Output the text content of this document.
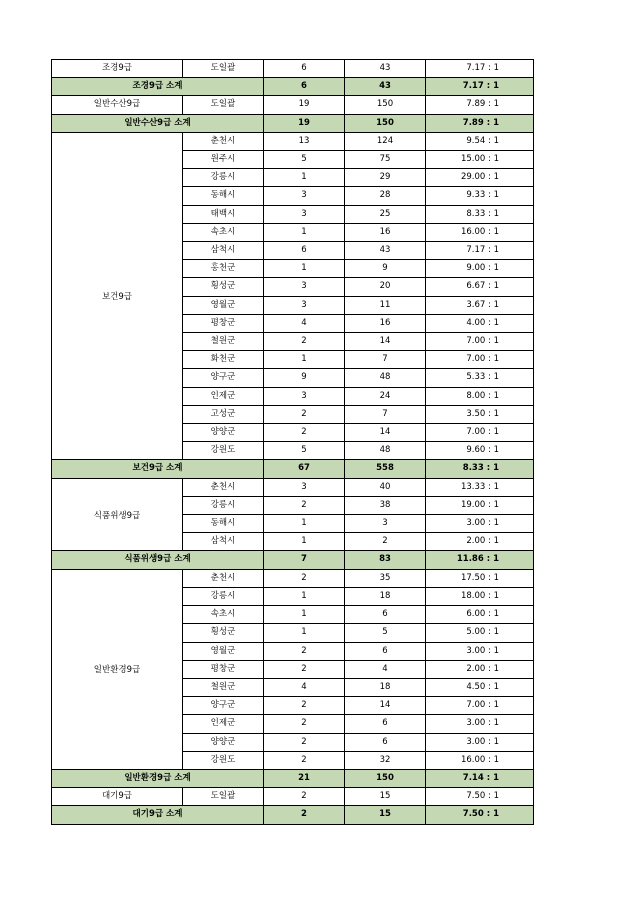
조경9급	도일괄	6	43	7.17 : 1
조경9급 소계		6	43	7.17 : 1
일반수산9급	도일괄	19	150	7.89 : 1
일반수산9급 소계		19	150	7.89 : 1
보건9급	춘천시	13	124	9.54 : 1
	원주시	5	75	15.00 : 1
	강릉시	1	29	29.00 : 1
	동해시	3	28	9.33 : 1
	태백시	3	25	8.33 : 1
	속초시	1	16	16.00 : 1
	삼척시	6	43	7.17 : 1
	홍천군	1	9	9.00 : 1
	횡성군	3	20	6.67 : 1
	영월군	3	11	3.67 : 1
	평창군	4	16	4.00 : 1
	철원군	2	14	7.00 : 1
	화천군	1	7	7.00 : 1
	양구군	9	48	5.33 : 1
	인제군	3	24	8.00 : 1
	고성군	2	7	3.50 : 1
	양양군	2	14	7.00 : 1
	강원도	5	48	9.60 : 1
보건9급 소계		67	558	8.33 : 1
식품위생9급	춘천시	3	40	13.33 : 1
	강릉시	2	38	19.00 : 1
	동해시	1	3	3.00 : 1
	삼척시	1	2	2.00 : 1
식품위생9급 소계		7	83	11.86 : 1
일반환경9급	춘천시	2	35	17.50 : 1
	강릉시	1	18	18.00 : 1
	속초시	1	6	6.00 : 1
	횡성군	1	5	5.00 : 1
	영월군	2	6	3.00 : 1
	평창군	2	4	2.00 : 1
	철원군	4	18	4.50 : 1
	양구군	2	14	7.00 : 1
	인제군	2	6	3.00 : 1
	양양군	2	6	3.00 : 1
	강원도	2	32	16.00 : 1
일반환경9급 소계		21	150	7.14 : 1
대기9급	도일괄	2	15	7.50 : 1
대기9급 소계		2	15	7.50 : 1
